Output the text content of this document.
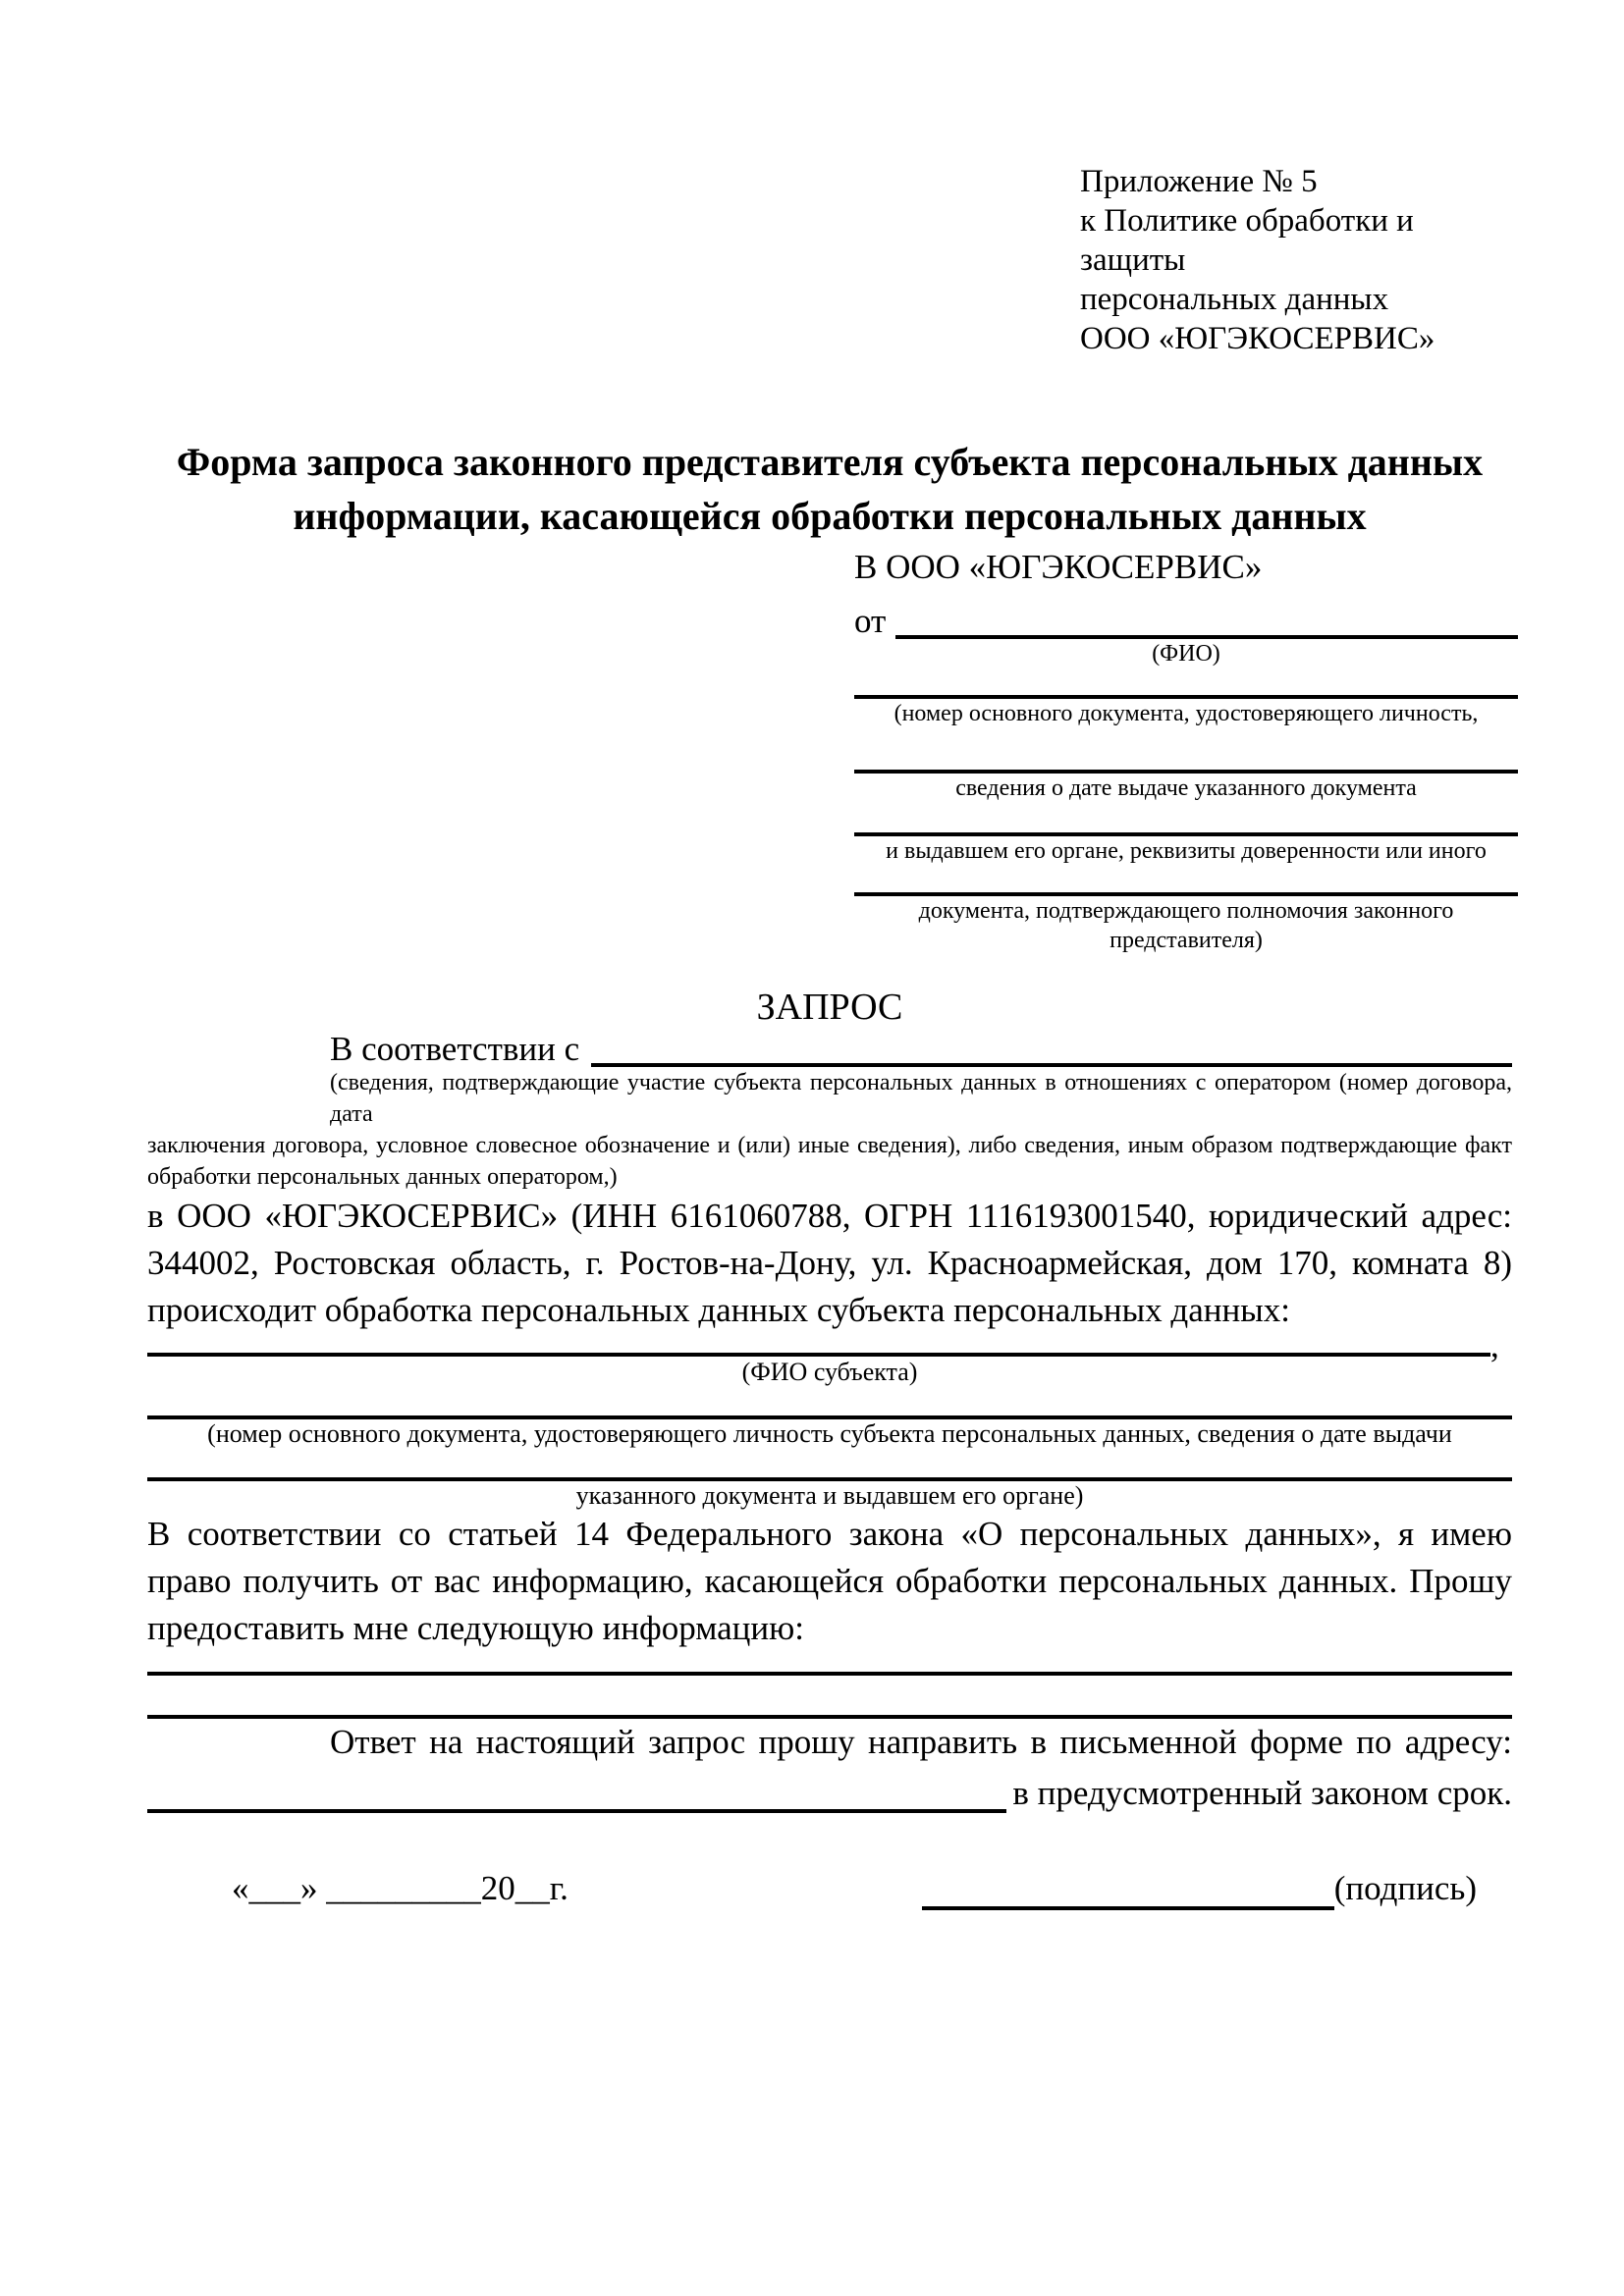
Приложение № 5
к Политике обработки и защиты
персональных данных
ООО «ЮГЭКОСЕРВИС»
Форма запроса законного представителя субъекта персональных данных
информации, касающейся обработки персональных данных
В ООО «ЮГЭКОСЕРВИС»
от
(ФИО)
(номер основного документа, удостоверяющего личность,
сведения о дате выдаче указанного документа
и выдавшем его органе, реквизиты доверенности или иного
документа, подтверждающего полномочия законного представителя)
ЗАПРОС
В соответствии с
(сведения, подтверждающие участие субъекта персональных данных в отношениях с оператором (номер договора, дата
заключения договора, условное словесное обозначение и (или) иные сведения), либо сведения, иным образом подтверждающие факт
обработки персональных данных оператором,)
в ООО «ЮГЭКОСЕРВИС» (ИНН 6161060788, ОГРН 1116193001540, юридический адрес:
344002, Ростовская область, г. Ростов-на-Дону, ул. Красноармейская, дом 170, комната 8)
происходит обработка персональных данных субъекта персональных данных:
,
(ФИО субъекта)
(номер основного документа, удостоверяющего личность субъекта персональных данных, сведения о дате выдачи
указанного документа и выдавшем его органе)
В соответствии со статьей 14 Федерального закона «О персональных данных», я имею
право получить от вас информацию, касающейся обработки персональных данных. Прошу
предоставить мне следующую информацию:
Ответ на настоящий запрос прошу направить в письменной форме по адресу:
в предусмотренный законом срок.
«___» _________20__г.	(подпись)
